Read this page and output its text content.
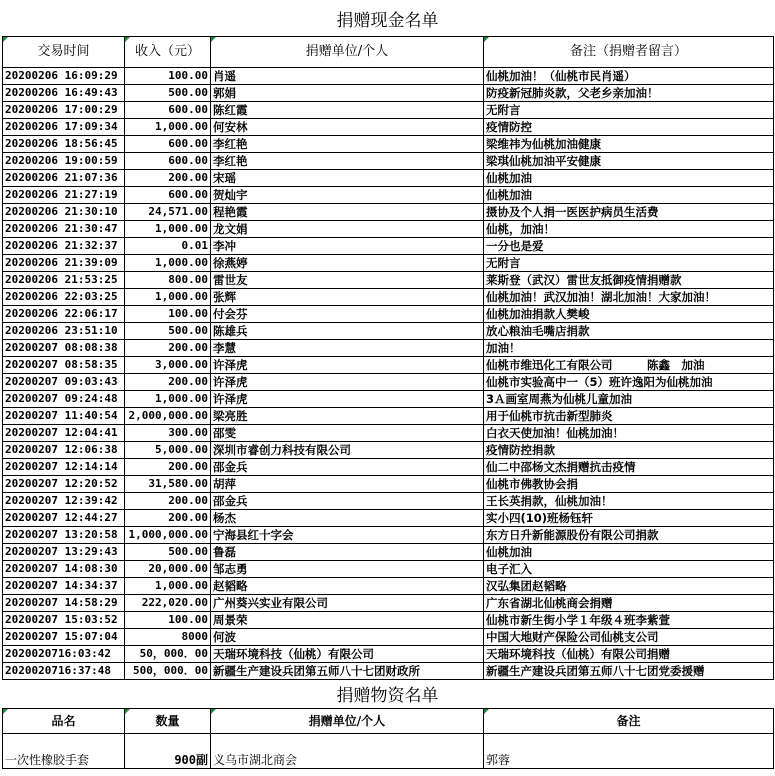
捐赠现金名单
交易时间	收入（元）	捐赠单位/个人	备注（捐赠者留言）

20200206 16:09:29	100.00	肖遥	仙桃加油！（仙桃市民肖遥）
20200206 16:49:43	500.00	郭娟	防疫新冠肺炎款，父老乡亲加油！
20200206 17:00:29	600.00	陈红霞	无附言
20200206 17:09:34	1,000.00	何安林	疫情防控
20200206 18:56:45	600.00	李红艳	梁维祎为仙桃加油健康
20200206 19:00:59	600.00	李红艳	梁琪仙桃加油平安健康
20200206 21:07:36	200.00	宋瑶	仙桃加油
20200206 21:27:19	600.00	贺灿宇	仙桃加油
20200206 21:30:10	24,571.00	程艳霞	摄协及个人捐一医医护病员生活费
20200206 21:30:47	1,000.00	龙文娟	仙桃，加油！
20200206 21:32:37	0.01	李冲	一分也是爱
20200206 21:39:09	1,000.00	徐燕婷	无附言
20200206 21:53:25	800.00	雷世友	莱斯登（武汉）雷世友抵御疫情捐赠款
20200206 22:03:25	1,000.00	张辉	仙桃加油！武汉加油！湖北加油！大家加油！
20200206 22:06:17	100.00	付会芬	仙桃加油捐款人樊峻
20200206 23:51:10	500.00	陈雄兵	放心粮油毛嘴店捐款
20200207 08:08:38	200.00	李慧	加油！
20200207 08:58:35	3,000.00	许泽虎	仙桃市维迅化工有限公司　　　陈鑫　加油
20200207 09:03:43	200.00	许泽虎	仙桃市实验高中一（5）班许逸阳为仙桃加油
20200207 09:24:48	1,000.00	许泽虎	3Ａ画室周燕为仙桃儿童加油
20200207 11:40:54	2,000,000.00	梁亮胜	用于仙桃市抗击新型肺炎
20200207 12:04:41	300.00	邵雯	白衣天使加油！仙桃加油！
20200207 12:06:38	5,000.00	深圳市睿创力科技有限公司	疫情防控捐款
20200207 12:14:14	200.00	邵金兵	仙二中邵杨文杰捐赠抗击疫情
20200207 12:20:52	31,580.00	胡萍	仙桃市佛教协会捐
20200207 12:39:42	200.00	邵金兵	王长英捐款，仙桃加油！
20200207 12:44:27	200.00	杨杰	实小四(10)班杨钰轩
20200207 13:20:58	1,000,000.00	宁海县红十字会	东方日升新能源股份有限公司捐款
20200207 13:29:43	500.00	鲁磊	仙桃加油
20200207 14:08:30	20,000.00	邹志勇	电子汇入
20200207 14:34:37	1,000.00	赵韬略	汉弘集团赵韬略
20200207 14:58:29	222,020.00	广州葵兴实业有限公司	广东省湖北仙桃商会捐赠
20200207 15:03:52	100.00	周景荣	仙桃市新生街小学１年级４班李紫萱
20200207 15:07:04	8000	何波	中国大地财产保险公司仙桃支公司
2020020716:03:42	50，000．00	天瑞环境科技（仙桃）有限公司	天瑞环境科技（仙桃）有限公司捐赠
2020020716:37:48	500，000．00	新疆生产建设兵团第五师八十七团财政所	新疆生产建设兵团第五师八十七团党委援赠
捐赠物资名单
品名	数量	捐赠单位/个人	备注

一次性橡胶手套	900副	义乌市湖北商会	郭蓉
